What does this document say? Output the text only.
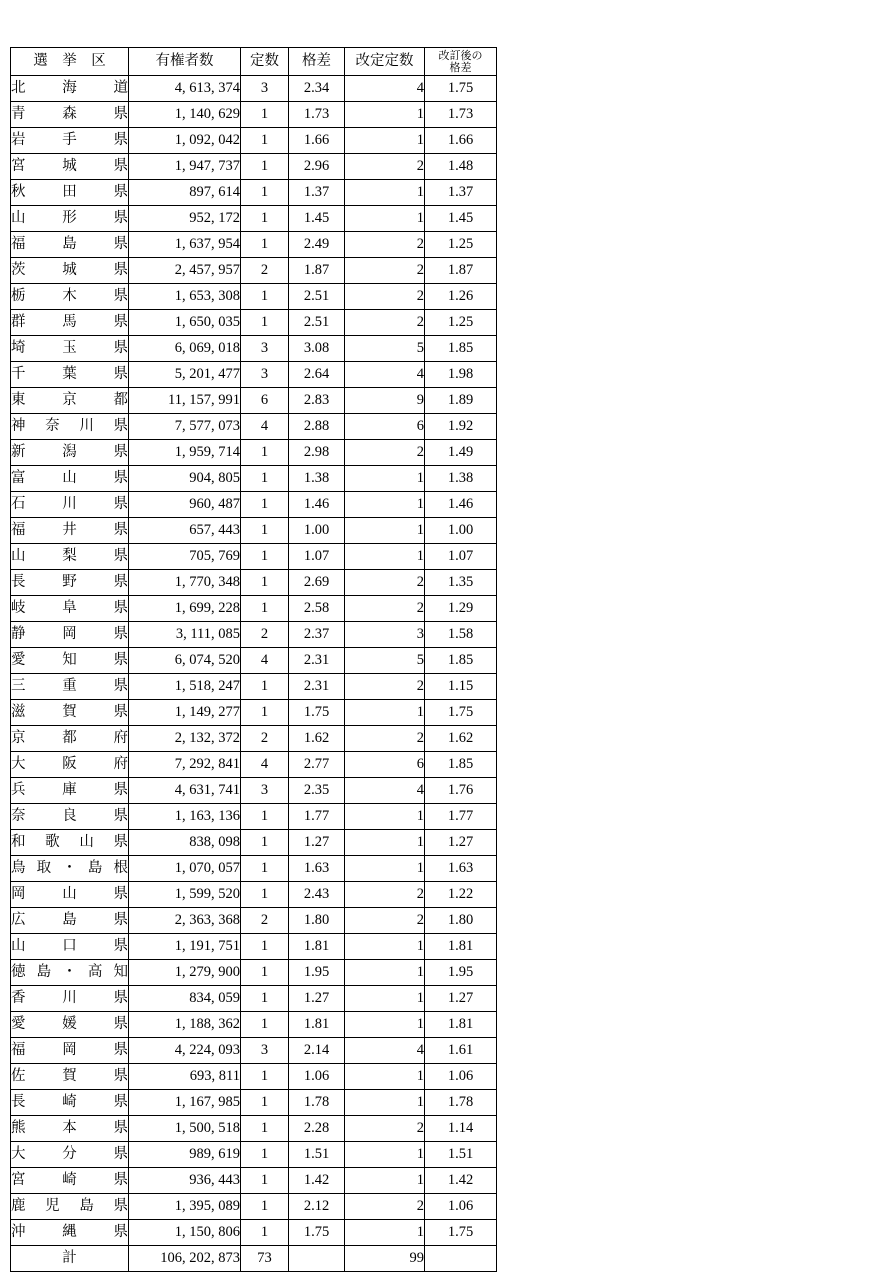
選　挙　区	有権者数	定数	格差	改定定数	改訂後の
格差

北　海　道	4, 613, 374	3	2.34	4	1.75

青　森　県	1, 140, 629	1	1.73	1	1.73

岩　手　県	1, 092, 042	1	1.66	1	1.66

宮　城　県	1, 947, 737	1	2.96	2	1.48

秋　田　県	897, 614	1	1.37	1	1.37

山　形　県	952, 172	1	1.45	1	1.45

福　島　県	1, 637, 954	1	2.49	2	1.25

茨　城　県	2, 457, 957	2	1.87	2	1.87

栃　木　県	1, 653, 308	1	2.51	2	1.26

群　馬　県	1, 650, 035	1	2.51	2	1.25

埼　玉　県	6, 069, 018	3	3.08	5	1.85

千　葉　県	5, 201, 477	3	2.64	4	1.98

東　京　都	11, 157, 991	6	2.83	9	1.89

神　奈　川　県	7, 577, 073	4	2.88	6	1.92

新　潟　県	1, 959, 714	1	2.98	2	1.49

富　山　県	904, 805	1	1.38	1	1.38

石　川　県	960, 487	1	1.46	1	1.46

福　井　県	657, 443	1	1.00	1	1.00

山　梨　県	705, 769	1	1.07	1	1.07

長　野　県	1, 770, 348	1	2.69	2	1.35

岐　阜　県	1, 699, 228	1	2.58	2	1.29

静　岡　県	3, 111, 085	2	2.37	3	1.58

愛　知　県	6, 074, 520	4	2.31	5	1.85

三　重　県	1, 518, 247	1	2.31	2	1.15

滋　賀　県	1, 149, 277	1	1.75	1	1.75

京　都　府	2, 132, 372	2	1.62	2	1.62

大　阪　府	7, 292, 841	4	2.77	6	1.85

兵　庫　県	4, 631, 741	3	2.35	4	1.76

奈　良　県	1, 163, 136	1	1.77	1	1.77

和　歌　山　県	838, 098	1	1.27	1	1.27

鳥取・島根	1, 070, 057	1	1.63	1	1.63

岡　山　県	1, 599, 520	1	2.43	2	1.22

広　島　県	2, 363, 368	2	1.80	2	1.80

山　口　県	1, 191, 751	1	1.81	1	1.81

徳島・高知	1, 279, 900	1	1.95	1	1.95

香　川　県	834, 059	1	1.27	1	1.27

愛　媛　県	1, 188, 362	1	1.81	1	1.81

福　岡　県	4, 224, 093	3	2.14	4	1.61

佐　賀　県	693, 811	1	1.06	1	1.06

長　崎　県	1, 167, 985	1	1.78	1	1.78

熊　本　県	1, 500, 518	1	2.28	2	1.14

大　分　県	989, 619	1	1.51	1	1.51

宮　崎　県	936, 443	1	1.42	1	1.42

鹿　児　島　県	1, 395, 089	1	2.12	2	1.06

沖　縄　県	1, 150, 806	1	1.75	1	1.75
計	106, 202, 873	73		99	
